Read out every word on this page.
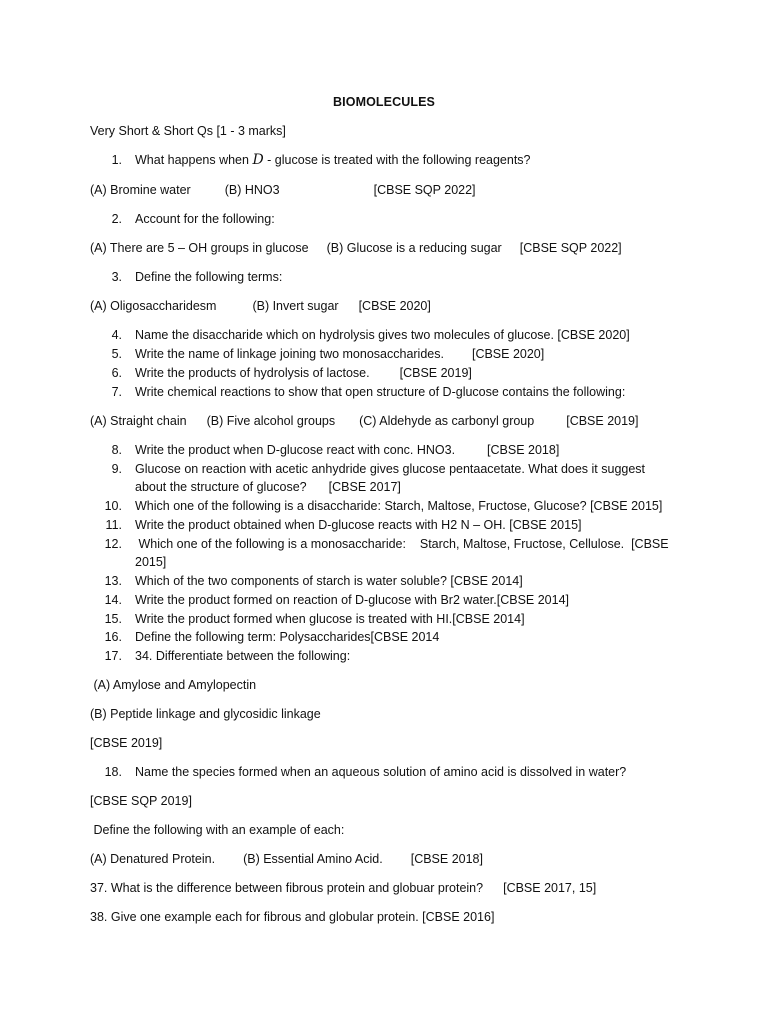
BIOMOLECULES
Very Short & Short Qs [1 - 3 marks]
1. What happens when D - glucose is treated with the following reagents?
(A) Bromine water	(B) HNO3	[CBSE SQP 2022]
2. Account for the following:
(A) There are 5 – OH groups in glucose (B) Glucose is a reducing sugar [CBSE SQP 2022]
3. Define the following terms:
(A) Oligosaccharidesm	(B) Invert sugar [CBSE 2020]
4. Name the disaccharide which on hydrolysis gives two molecules of glucose. [CBSE 2020]
5. Write the name of linkage joining two monosaccharides. [CBSE 2020]
6. Write the products of hydrolysis of lactose. [CBSE 2019]
7. Write chemical reactions to show that open structure of D-glucose contains the following:
(A) Straight chain (B) Five alcohol groups (C) Aldehyde as carbonyl group	[CBSE 2019]
8. Write the product when D-glucose react with conc. HNO3.	[CBSE 2018]
9. Glucose on reaction with acetic anhydride gives glucose pentaacetate. What does it suggest
about the structure of glucose? [CBSE 2017]
10. Which one of the following is a disaccharide: Starch, Maltose, Fructose, Glucose? [CBSE 2015]
11. Write the product obtained when D-glucose reacts with H2 N – OH. [CBSE 2015]
12. Which one of the following is a monosaccharide:    Starch, Maltose, Fructose, Cellulose.  [CBSE
2015]
13. Which of the two components of starch is water soluble? [CBSE 2014]
14. Write the product formed on reaction of D-glucose with Br2 water.[CBSE 2014]
15. Write the product formed when glucose is treated with HI.[CBSE 2014]
16. Define the following term: Polysaccharides[CBSE 2014
17. 34. Differentiate between the following:
(A) Amylose and Amylopectin
(B) Peptide linkage and glycosidic linkage
[CBSE 2019]
18. Name the species formed when an aqueous solution of amino acid is dissolved in water?
[CBSE SQP 2019]
Define the following with an example of each:
(A) Denatured Protein. (B) Essential Amino Acid. [CBSE 2018]
37. What is the difference between fibrous protein and globuar protein? [CBSE 2017, 15]
38. Give one example each for fibrous and globular protein. [CBSE 2016]
